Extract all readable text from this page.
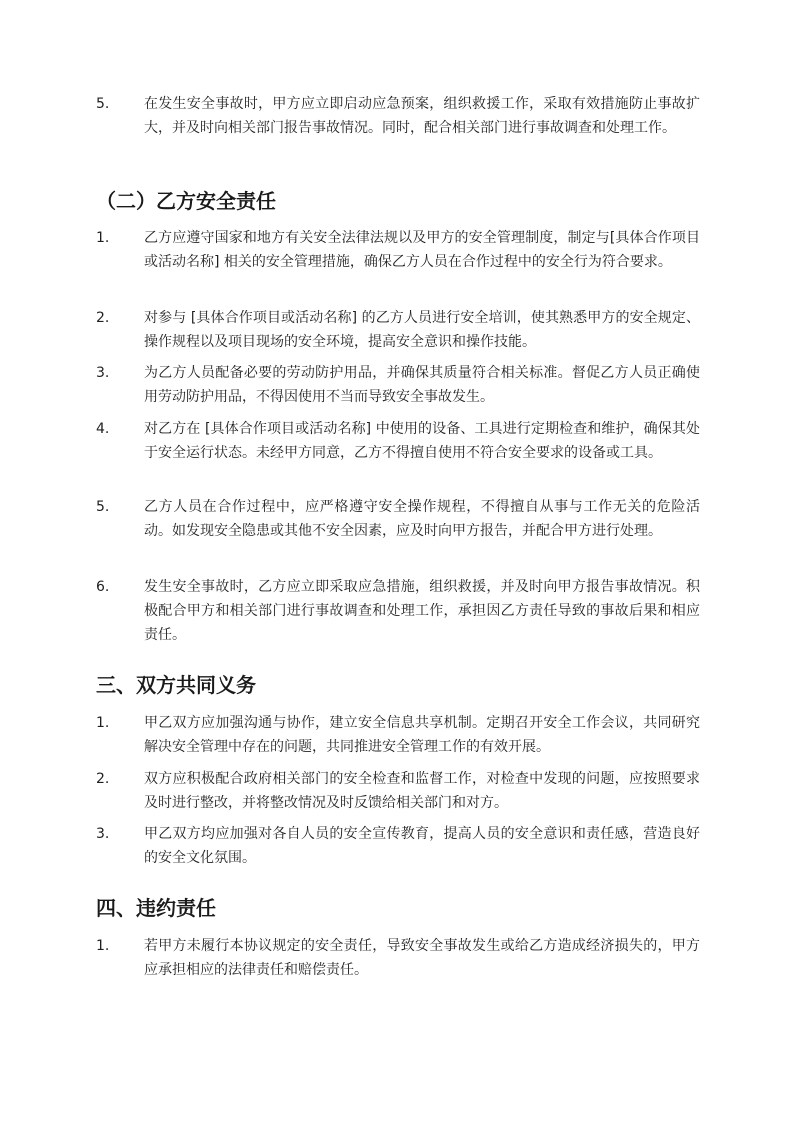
5. 在发生安全事故时，甲方应立即启动应急预案，组织救援工作，采取有效措施防止事故扩大，并及时向相关部门报告事故情况。同时，配合相关部门进行事故调查和处理工作。
（二）乙方安全责任
1. 乙方应遵守国家和地方有关安全法律法规以及甲方的安全管理制度，制定与[具体合作项目或活动名称] 相关的安全管理措施，确保乙方人员在合作过程中的安全行为符合要求。
2. 对参与 [具体合作项目或活动名称] 的乙方人员进行安全培训，使其熟悉甲方的安全规定、操作规程以及项目现场的安全环境，提高安全意识和操作技能。
3. 为乙方人员配备必要的劳动防护用品，并确保其质量符合相关标准。督促乙方人员正确使用劳动防护用品，不得因使用不当而导致安全事故发生。
4. 对乙方在 [具体合作项目或活动名称] 中使用的设备、工具进行定期检查和维护，确保其处于安全运行状态。未经甲方同意，乙方不得擅自使用不符合安全要求的设备或工具。
5. 乙方人员在合作过程中，应严格遵守安全操作规程，不得擅自从事与工作无关的危险活动。如发现安全隐患或其他不安全因素，应及时向甲方报告，并配合甲方进行处理。
6. 发生安全事故时，乙方应立即采取应急措施，组织救援，并及时向甲方报告事故情况。积极配合甲方和相关部门进行事故调查和处理工作，承担因乙方责任导致的事故后果和相应责任。
三、双方共同义务
1. 甲乙双方应加强沟通与协作，建立安全信息共享机制。定期召开安全工作会议，共同研究解决安全管理中存在的问题，共同推进安全管理工作的有效开展。
2. 双方应积极配合政府相关部门的安全检查和监督工作，对检查中发现的问题，应按照要求及时进行整改，并将整改情况及时反馈给相关部门和对方。
3. 甲乙双方均应加强对各自人员的安全宣传教育，提高人员的安全意识和责任感，营造良好的安全文化氛围。
四、违约责任
1. 若甲方未履行本协议规定的安全责任，导致安全事故发生或给乙方造成经济损失的，甲方应承担相应的法律责任和赔偿责任。
